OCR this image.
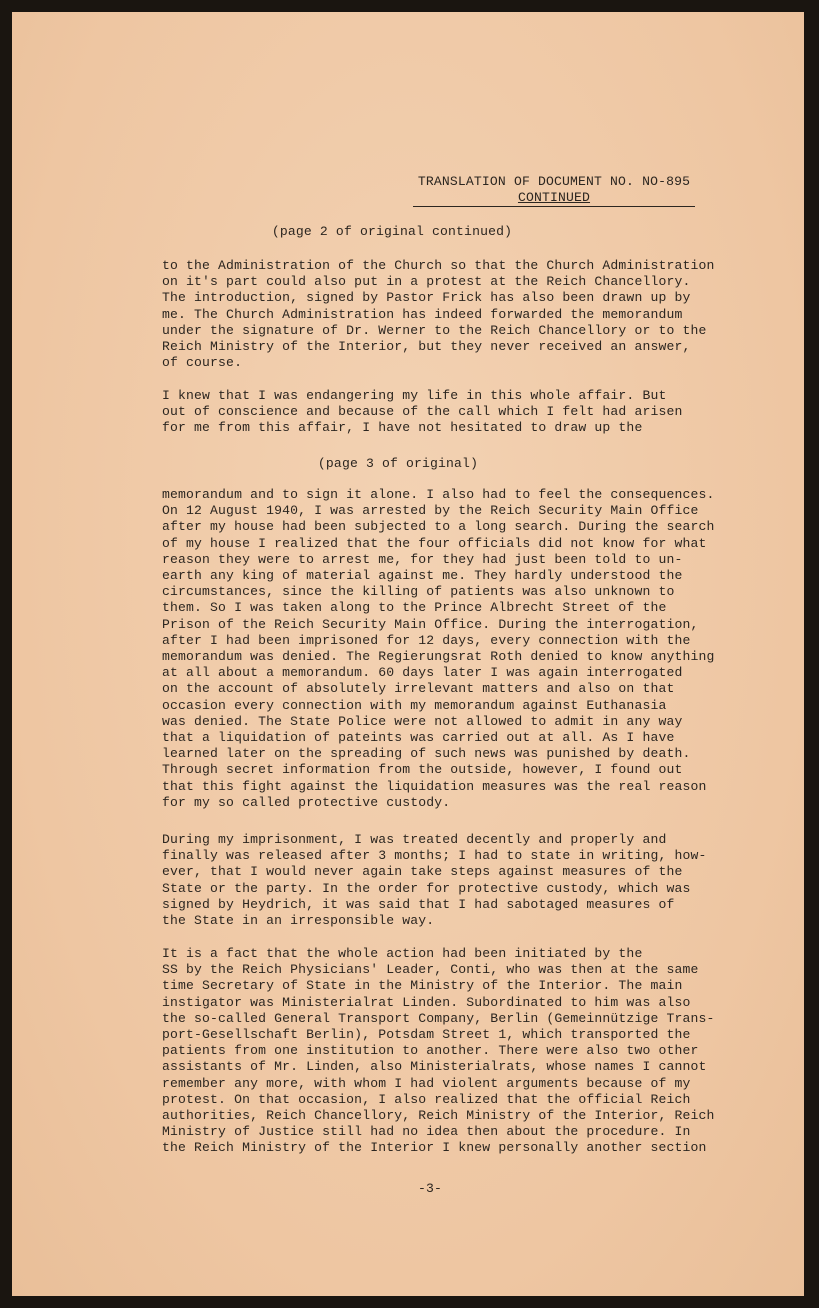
TRANSLATION OF DOCUMENT NO. NO-895
CONTINUED
(page 2 of original continued)
to the Administration of the Church so that the Church Administration
on it's part could also put in a protest at the Reich Chancellory.
The introduction, signed by Pastor Frick has also been drawn up by
me. The Church Administration has indeed forwarded the memorandum
under the signature of Dr. Werner to the Reich Chancellory or to the
Reich Ministry of the Interior, but they never received an answer,
of course.
I knew that I was endangering my life in this whole affair. But
out of conscience and because of the call which I felt had arisen
for me from this affair, I have not hesitated to draw up the
(page 3 of original)
memorandum and to sign it alone. I also had to feel the consequences.
On 12 August 1940, I was arrested by the Reich Security Main Office
after my house had been subjected to a long search. During the search
of my house I realized that the four officials did not know for what
reason they were to arrest me, for they had just been told to un-
earth any king of material against me. They hardly understood the
circumstances, since the killing of patients was also unknown to
them. So I was taken along to the Prince Albrecht Street of the
Prison of the Reich Security Main Office. During the interrogation,
after I had been imprisoned for 12 days, every connection with the
memorandum was denied. The Regierungsrat Roth denied to know anything
at all about a memorandum. 60 days later I was again interrogated
on the account of absolutely irrelevant matters and also on that
occasion every connection with my memorandum against Euthanasia
was denied. The State Police were not allowed to admit in any way
that a liquidation of pateints was carried out at all. As I have
learned later on the spreading of such news was punished by death.
Through secret information from the outside, however, I found out
that this fight against the liquidation measures was the real reason
for my so called protective custody.
During my imprisonment, I was treated decently and properly and
finally was released after 3 months; I had to state in writing, how-
ever, that I would never again take steps against measures of the
State or the party. In the order for protective custody, which was
signed by Heydrich, it was said that I had sabotaged measures of
the State in an irresponsible way.
It is a fact that the whole action had been initiated by the
SS by the Reich Physicians' Leader, Conti, who was then at the same
time Secretary of State in the Ministry of the Interior. The main
instigator was Ministerialrat Linden. Subordinated to him was also
the so-called General Transport Company, Berlin (Gemeinnützige Trans-
port-Gesellschaft Berlin), Potsdam Street 1, which transported the
patients from one institution to another. There were also two other
assistants of Mr. Linden, also Ministerialrats, whose names I cannot
remember any more, with whom I had violent arguments because of my
protest. On that occasion, I also realized that the official Reich
authorities, Reich Chancellory, Reich Ministry of the Interior, Reich
Ministry of Justice still had no idea then about the procedure. In
the Reich Ministry of the Interior I knew personally another section
-3-
